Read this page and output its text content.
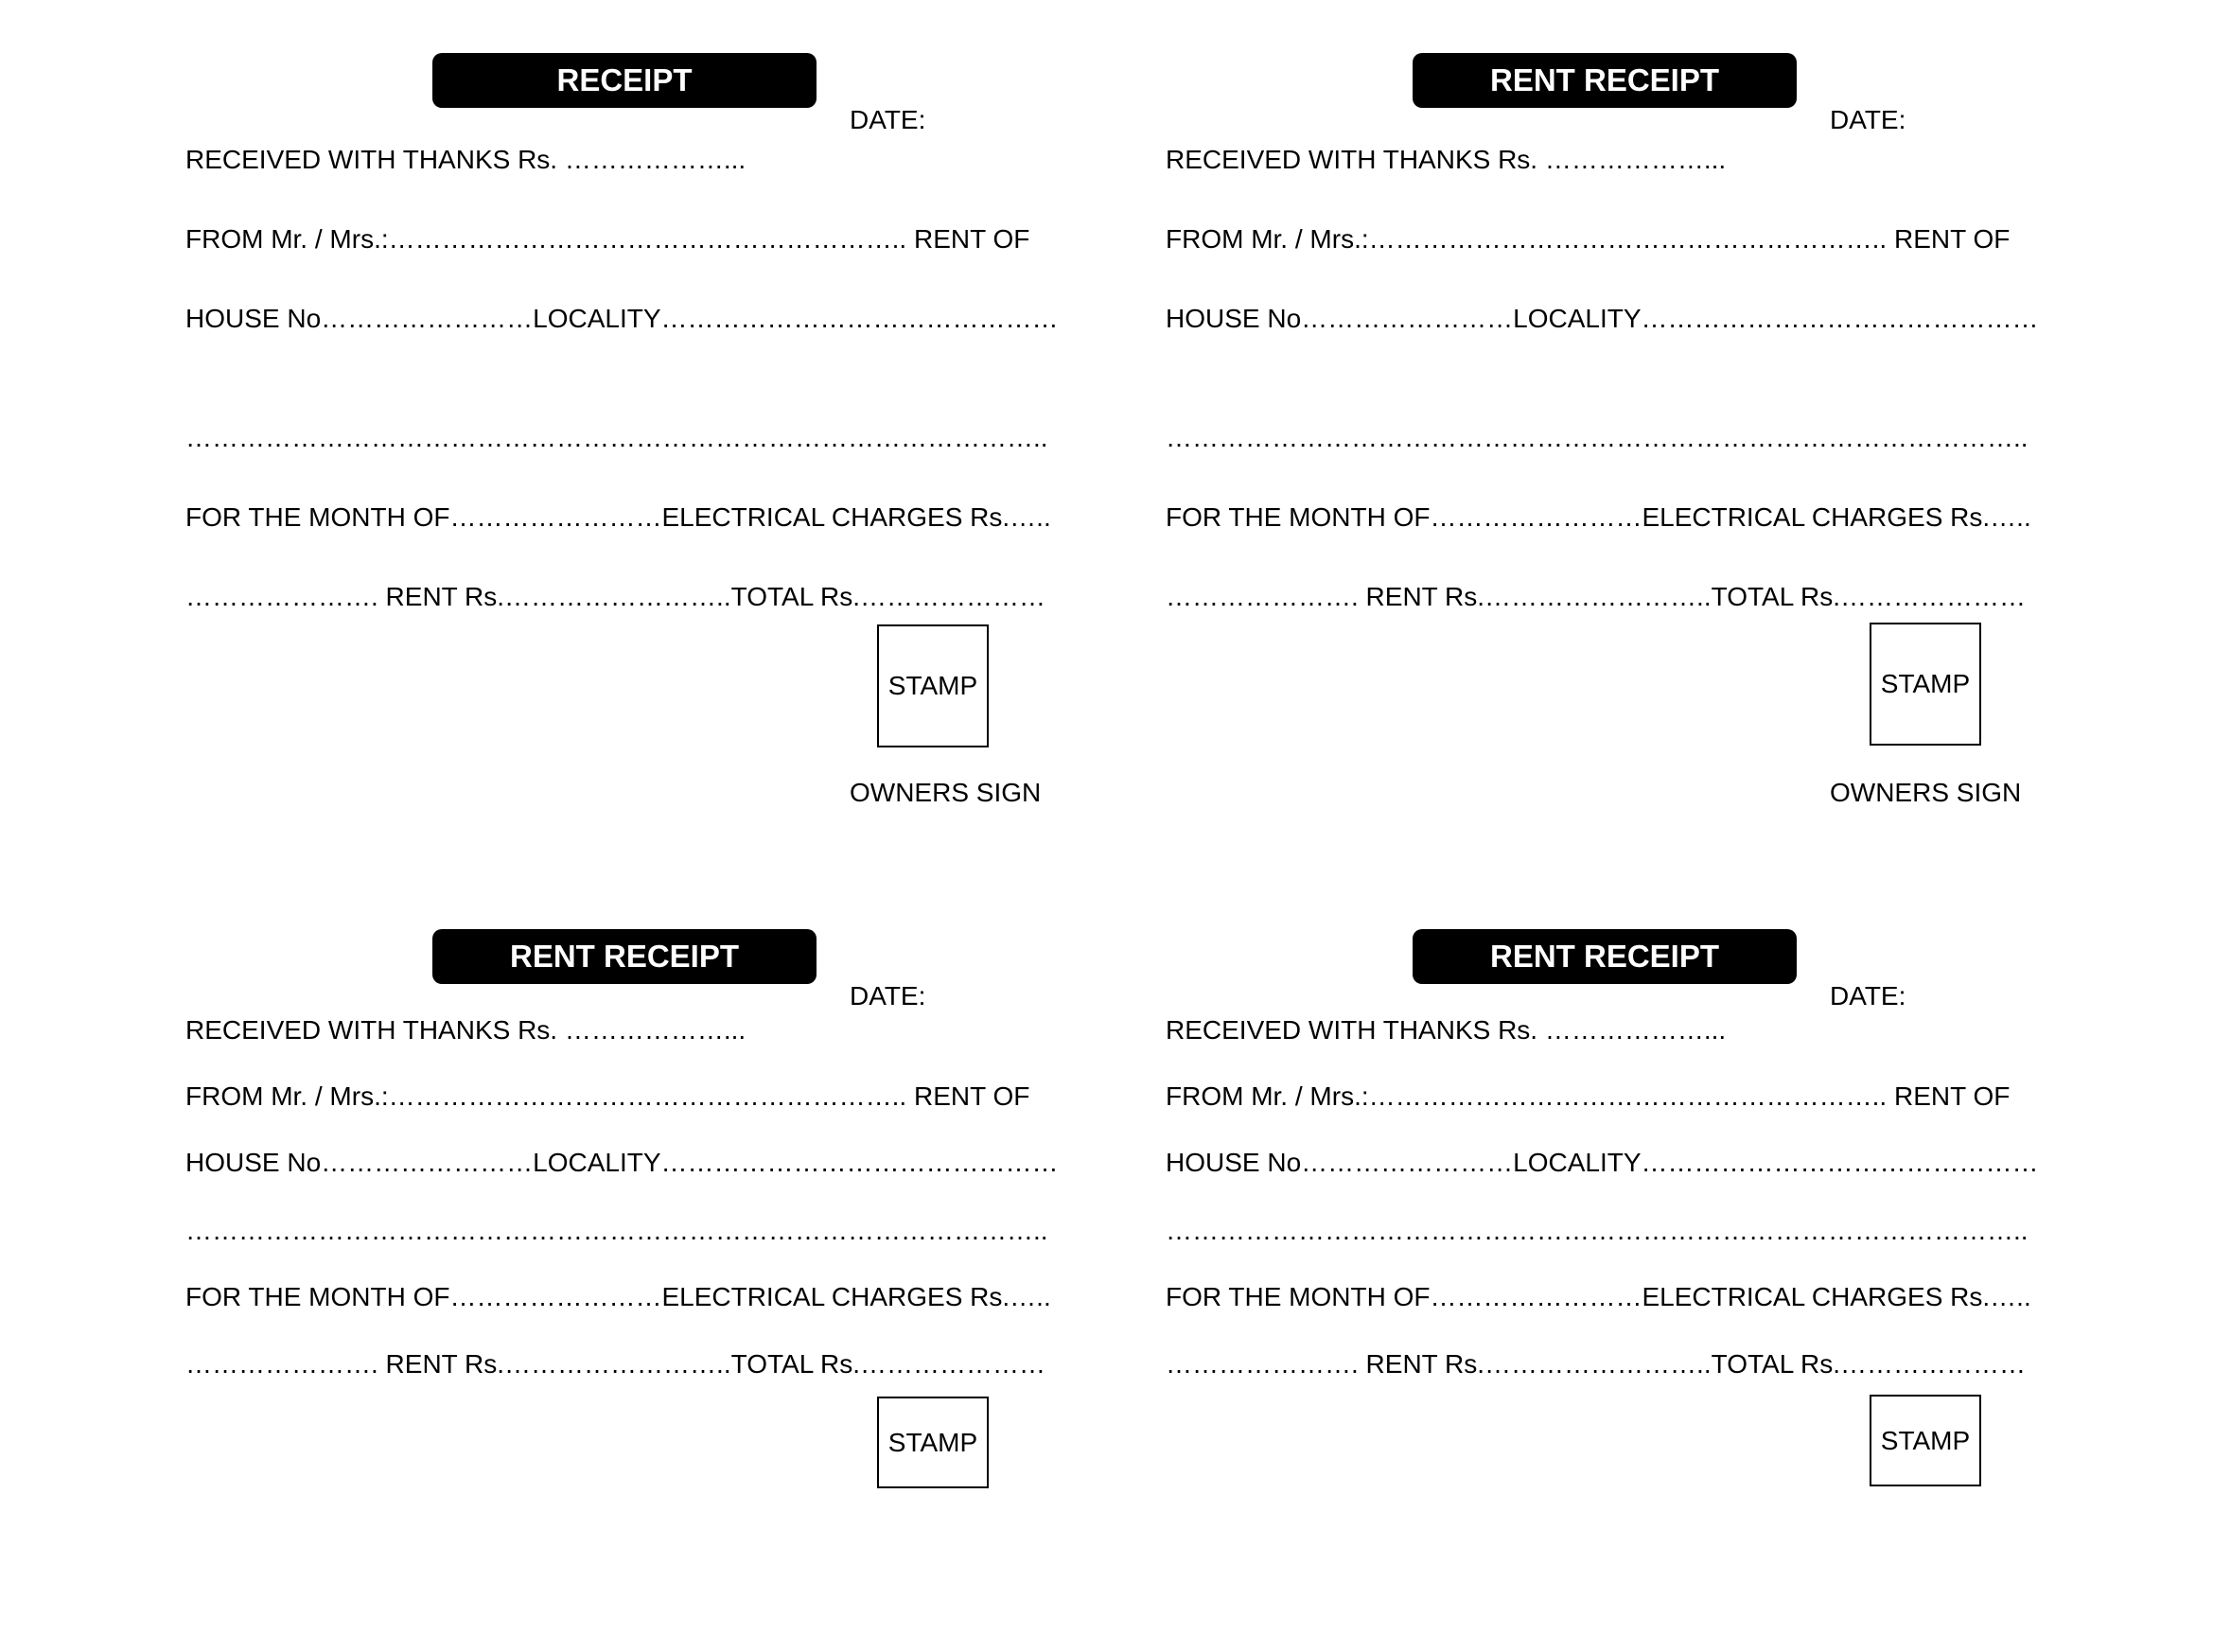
RECEIPT
DATE:
RECEIVED WITH THANKS Rs. ………………...
FROM Mr. / Mrs.:………………………………………………….. RENT OF
HOUSE No……………………LOCALITY………………………………………
……………………………………………………………………………………..
FOR THE MONTH OF……………………ELECTRICAL CHARGES Rs.…..
…………………. RENT Rs.……………………..TOTAL Rs.…………………
STAMP
OWNERS SIGN
RENT RECEIPT
DATE:
RECEIVED WITH THANKS Rs. ………………...
FROM Mr. / Mrs.:………………………………………………….. RENT OF
HOUSE No……………………LOCALITY………………………………………
……………………………………………………………………………………..
FOR THE MONTH OF……………………ELECTRICAL CHARGES Rs.…..
…………………. RENT Rs.……………………..TOTAL Rs.…………………
STAMP
OWNERS SIGN
RENT RECEIPT
DATE:
RECEIVED WITH THANKS Rs. ………………...
FROM Mr. / Mrs.:………………………………………………….. RENT OF
HOUSE No……………………LOCALITY………………………………………
……………………………………………………………………………………..
FOR THE MONTH OF……………………ELECTRICAL CHARGES Rs.…..
…………………. RENT Rs.……………………..TOTAL Rs.…………………
STAMP
RENT RECEIPT
DATE:
RECEIVED WITH THANKS Rs. ………………...
FROM Mr. / Mrs.:………………………………………………….. RENT OF
HOUSE No……………………LOCALITY………………………………………
……………………………………………………………………………………..
FOR THE MONTH OF……………………ELECTRICAL CHARGES Rs.…..
…………………. RENT Rs.……………………..TOTAL Rs.…………………
STAMP
